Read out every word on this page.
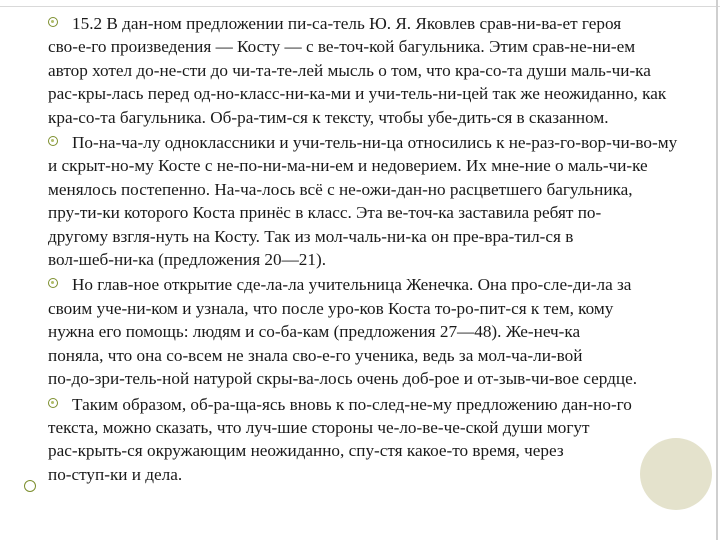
15.2 В дан-ном предложении пи-са-тель Ю. Я. Яковлев срав-ни-ва-ет героя
сво-е-го произведения — Косту — с ве-точ-кой багульника. Этим срав-не-ни-ем
автор хотел до-не-сти до чи-та-те-лей мысль о том, что кра-со-та души маль-чи-ка
рас-кры-лась перед од-но-класс-ни-ка-ми и учи-тель-ни-цей так же неожиданно, как
кра-со-та багульника. Об-ра-тим-ся к тексту, чтобы убе-дить-ся в сказанном.
По-на-ча-лу одноклассники и учи-тель-ни-ца относились к не-раз-го-вор-чи-во-му
и скрыт-но-му Косте с не-по-ни-ма-ни-ем и недоверием. Их мне-ние о маль-чи-ке
менялось постепенно. На-ча-лось всё с не-ожи-дан-но расцветшего багульника,
пру-ти-ки которого Коста принёс в класс. Эта ве-точ-ка заставила ребят по-
другому взгля-нуть на Косту. Так из мол-чаль-ни-ка он пре-вра-тил-ся в
вол-шеб-ни-ка (предложения 20—21).
Но глав-ное открытие сде-ла-ла учительница Женечка. Она про-сле-ди-ла за
своим уче-ни-ком и узнала, что после уро-ков Коста то-ро-пит-ся к тем, кому
нужна его помощь: людям и со-ба-кам (предложения 27—48). Же-неч-ка
поняла, что она со-всем не знала сво-е-го ученика, ведь за мол-ча-ли-вой
по-до-зри-тель-ной натурой скры-ва-лось очень доб-рое и от-зыв-чи-вое сердце.
Таким образом, об-ра-ща-ясь вновь к по-след-не-му предложению дан-но-го
текста, можно сказать, что луч-шие стороны че-ло-ве-че-ской души могут
рас-крыть-ся окружающим неожиданно, спу-стя какое-то время, через
по-ступ-ки и дела.
